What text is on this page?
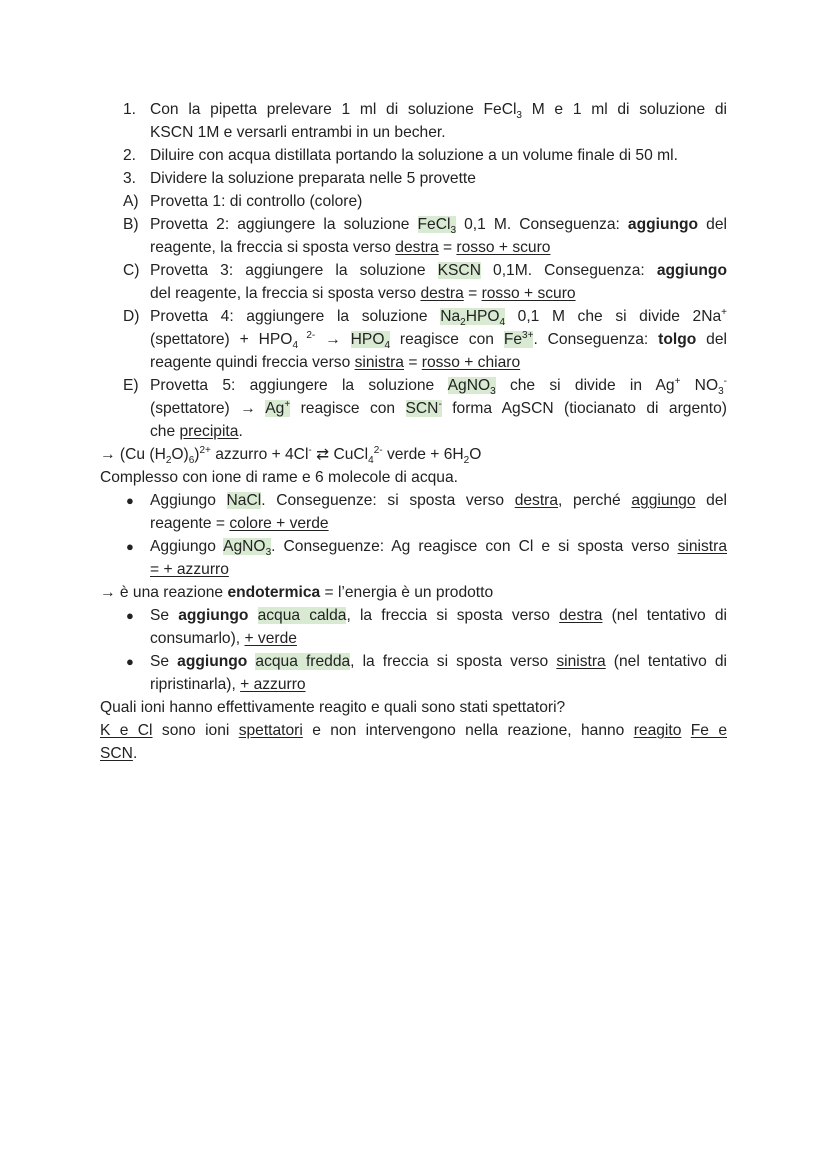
1. Con la pipetta prelevare 1 ml di soluzione FeCl$_3$ M e 1 ml di soluzione di
KSCN 1M e versarli entrambi in un becher.
2. Diluire con acqua distillata portando la soluzione a un volume finale di 50 ml.
3. Dividere la soluzione preparata nelle 5 provette
A) Provetta 1: di controllo (colore)
B) Provetta 2: aggiungere la soluzione FeCl$_3$ 0,1 M. Conseguenza: aggiungo del
reagente, la freccia si sposta verso destra = rosso + scuro
C) Provetta 3: aggiungere la soluzione KSCN 0,1M. Conseguenza: aggiungo
del reagente, la freccia si sposta verso destra = rosso + scuro
D) Provetta 4: aggiungere la soluzione $Na_2HPO_4$ 0,1 M che si divide 2Na+
(spettatore) + $HPO_4$ $^{2-} \to HPO_4$ reagisce con $Fe^{3+}$. Conseguenza: tolgo del
reagente quindi freccia verso sinistra = rosso + chiaro
E) Provetta 5: aggiungere la soluzione AgNO$_3$ che si divide in Ag+ $NO_3^-$
(spettatore) → Ag+ reagisce con SCN- forma AgSCN (tiocianato di argento)
che precipita.
→ (Cu $(H_2O)_6)^{2+}$ azzurro + 4Cl- ⇄ CuCl$_4^{2-}$ verde + $6H_2O$
Complesso con ione di rame e 6 molecole di acqua.
● Aggiungo NaCl. Conseguenze: si sposta verso destra, perché aggiungo del
reagente = colore + verde
● Aggiungo AgNO$_3$. Conseguenze: Ag reagisce con Cl e si sposta verso sinistra
= + azzurro
→ è una reazione endotermica = l’energia è un prodotto
● Se aggiungo acqua calda, la freccia si sposta verso destra (nel tentativo di
consumarlo), + verde
● Se aggiungo acqua fredda, la freccia si sposta verso sinistra (nel tentativo di
ripristinarla), + azzurro
Quali ioni hanno effettivamente reagito e quali sono stati spettatori?
K e Cl sono ioni spettatori e non intervengono nella reazione, hanno reagito Fe e
SCN.
